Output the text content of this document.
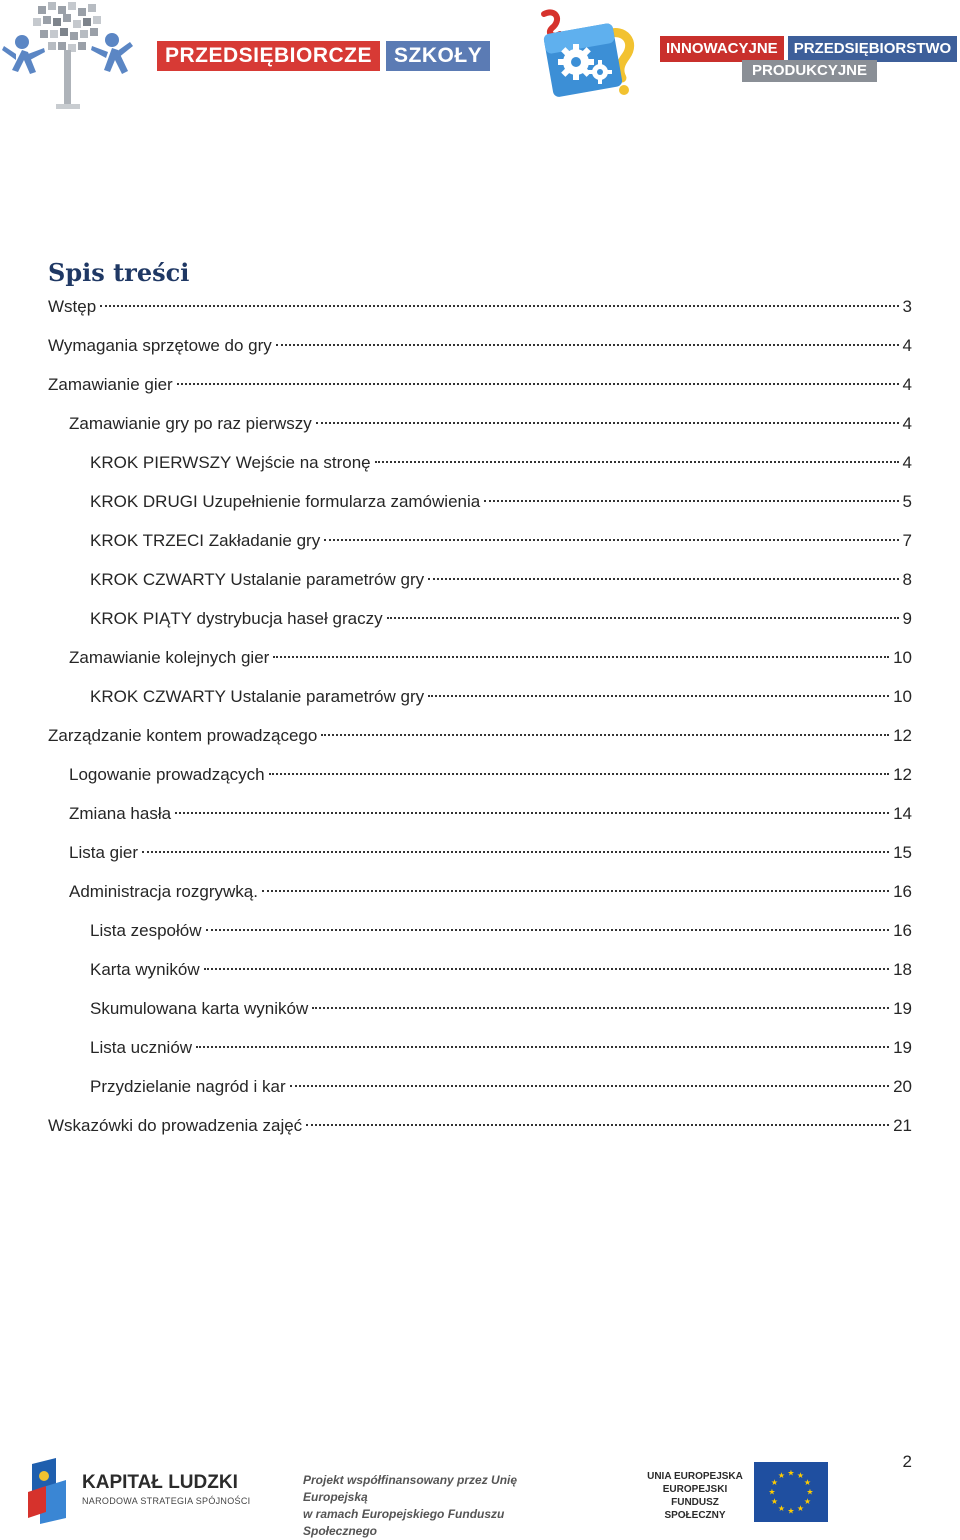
PRZEDSIĘBIORCZE	SZKOŁY	INNOWACYJNE	PRZEDSIĘBIORSTWO
PRODUKCYJNE
Spis treści
Wstęp	3
Wymagania sprzętowe do gry	4
Zamawianie gier	4
Zamawianie gry po raz pierwszy	4
KROK PIERWSZY Wejście na stronę	4
KROK DRUGI Uzupełnienie formularza zamówienia	5
KROK TRZECI Zakładanie gry	7
KROK CZWARTY Ustalanie parametrów gry	8
KROK PIĄTY dystrybucja haseł graczy	9
Zamawianie kolejnych gier	10
KROK CZWARTY Ustalanie parametrów gry	10
Zarządzanie kontem prowadzącego	12
Logowanie prowadzących	12
Zmiana hasła	14
Lista gier	15
Administracja rozgrywką.	16
Lista zespołów	16
Karta wyników	18
Skumulowana karta wyników	19
Lista uczniów	19
Przydzielanie nagród i kar	20
Wskazówki do prowadzenia zajęć	21
2
KAPITAŁ LUDZKI
NARODOWA STRATEGIA SPÓJNOŚCI
Projekt współfinansowany przez Unię Europejską
w ramach Europejskiego Funduszu Społecznego
UNIA EUROPEJSKA
EUROPEJSKI
FUNDUSZ SPOŁECZNY
★ ★
★
★
★
★
★
★
★
★
★
★
